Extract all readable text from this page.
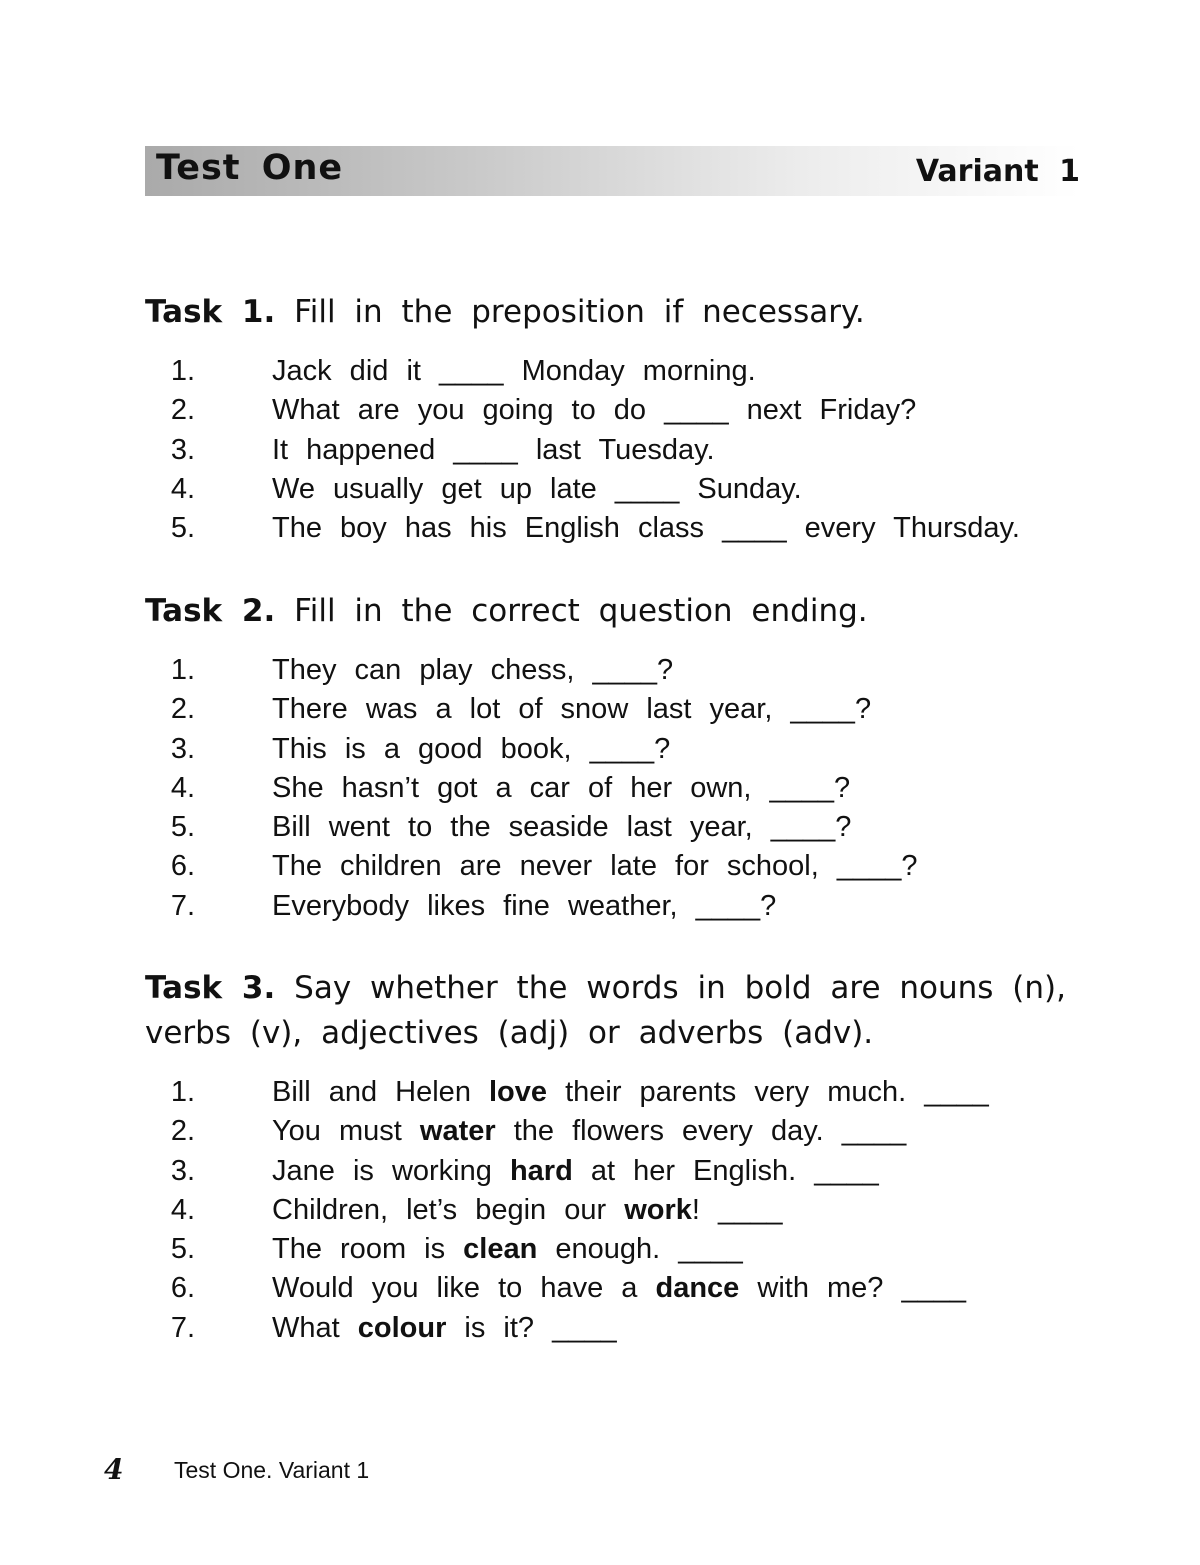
Test One	Variant 1
Task 1. Fill in the preposition if necessary.
1.	Jack did it ____ Monday morning.
2.	What are you going to do ____ next Friday?
3.	It happened ____ last Tuesday.
4.	We usually get up late ____ Sunday.
5.	The boy has his English class ____ every Thursday.
Task 2. Fill in the correct question ending.
1.	They can play chess, ____?
2.	There was a lot of snow last year, ____?
3.	This is a good book, ____?
4.	She hasn’t got a car of her own, ____?
5.	Bill went to the seaside last year, ____?
6.	The children are never late for school, ____?
7.	Everybody likes fine weather, ____?
Task 3. Say whether the words in bold are nouns (n), verbs (v), adjectives (adj) or adverbs (adv).
1.	Bill and Helen love their parents very much. ____
2.	You must water the flowers every day. ____
3.	Jane is working hard at her English. ____
4.	Children, let’s begin our work! ____
5.	The room is clean enough. ____
6.	Would you like to have a dance with me? ____
7.	What colour is it? ____
4 Test One. Variant 1
